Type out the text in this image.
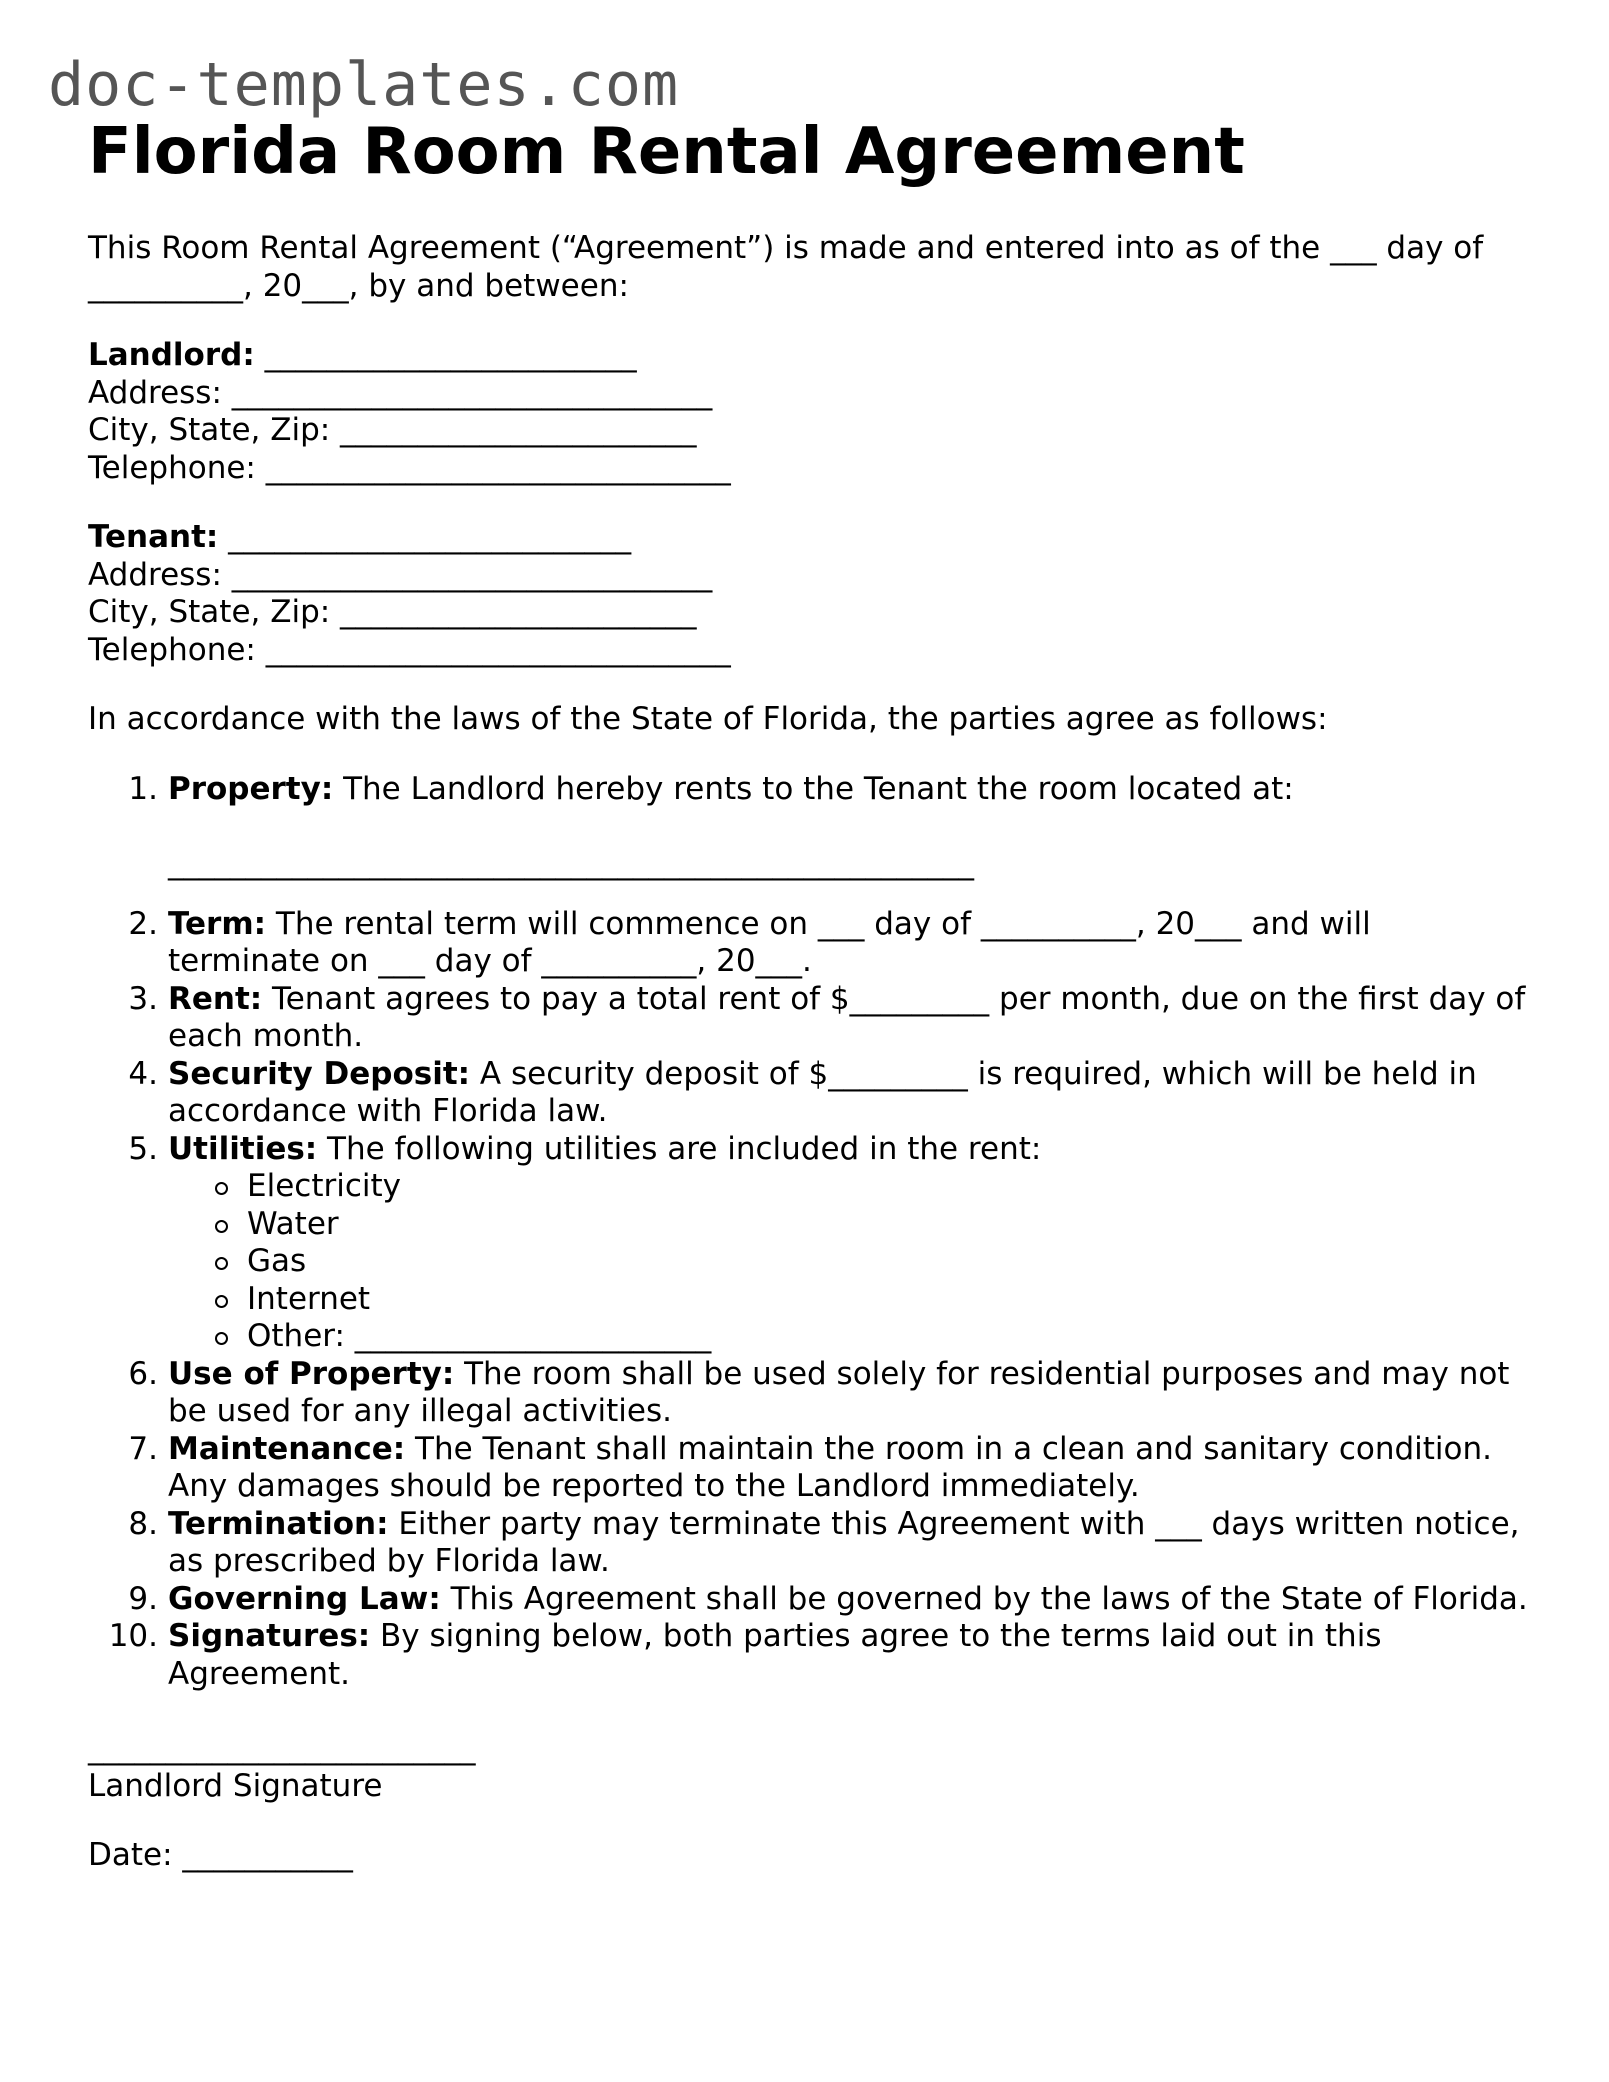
doc-templates.com
Florida Room Rental Agreement
This Room Rental Agreement (“Agreement”) is made and entered into as of the ___ day of
__________, 20___, by and between:
Landlord: ________________________
Address: _______________________________
City, State, Zip: _______________________
Telephone: ______________________________
Tenant: __________________________
Address: _______________________________
City, State, Zip: _______________________
Telephone: ______________________________

In accordance with the laws of the State of Florida, the parties agree as follows:

1. Property: The Landlord hereby rents to the Tenant the room located at:
____________________________________________________
2. Term: The rental term will commence on ___ day of __________, 20___ and will terminate on ___ day of __________, 20___.
3. Rent: Tenant agrees to pay a total rent of $_________ per month, due on the first day of each month.
4. Security Deposit: A security deposit of $_________ is required, which will be held in accordance with Florida law.
5. Utilities: The following utilities are included in the rent:
Electricity
Water
Gas
Internet
Other: _______________________
6. Use of Property: The room shall be used solely for residential purposes and may not be used for any illegal activities.
7. Maintenance: The Tenant shall maintain the room in a clean and sanitary condition. Any damages should be reported to the Landlord immediately.
8. Termination: Either party may terminate this Agreement with ___ days written notice, as prescribed by Florida law.
9. Governing Law: This Agreement shall be governed by the laws of the State of Florida.
10. Signatures: By signing below, both parties agree to the terms laid out in this Agreement.
_________________________
Landlord Signature
Date: ___________
